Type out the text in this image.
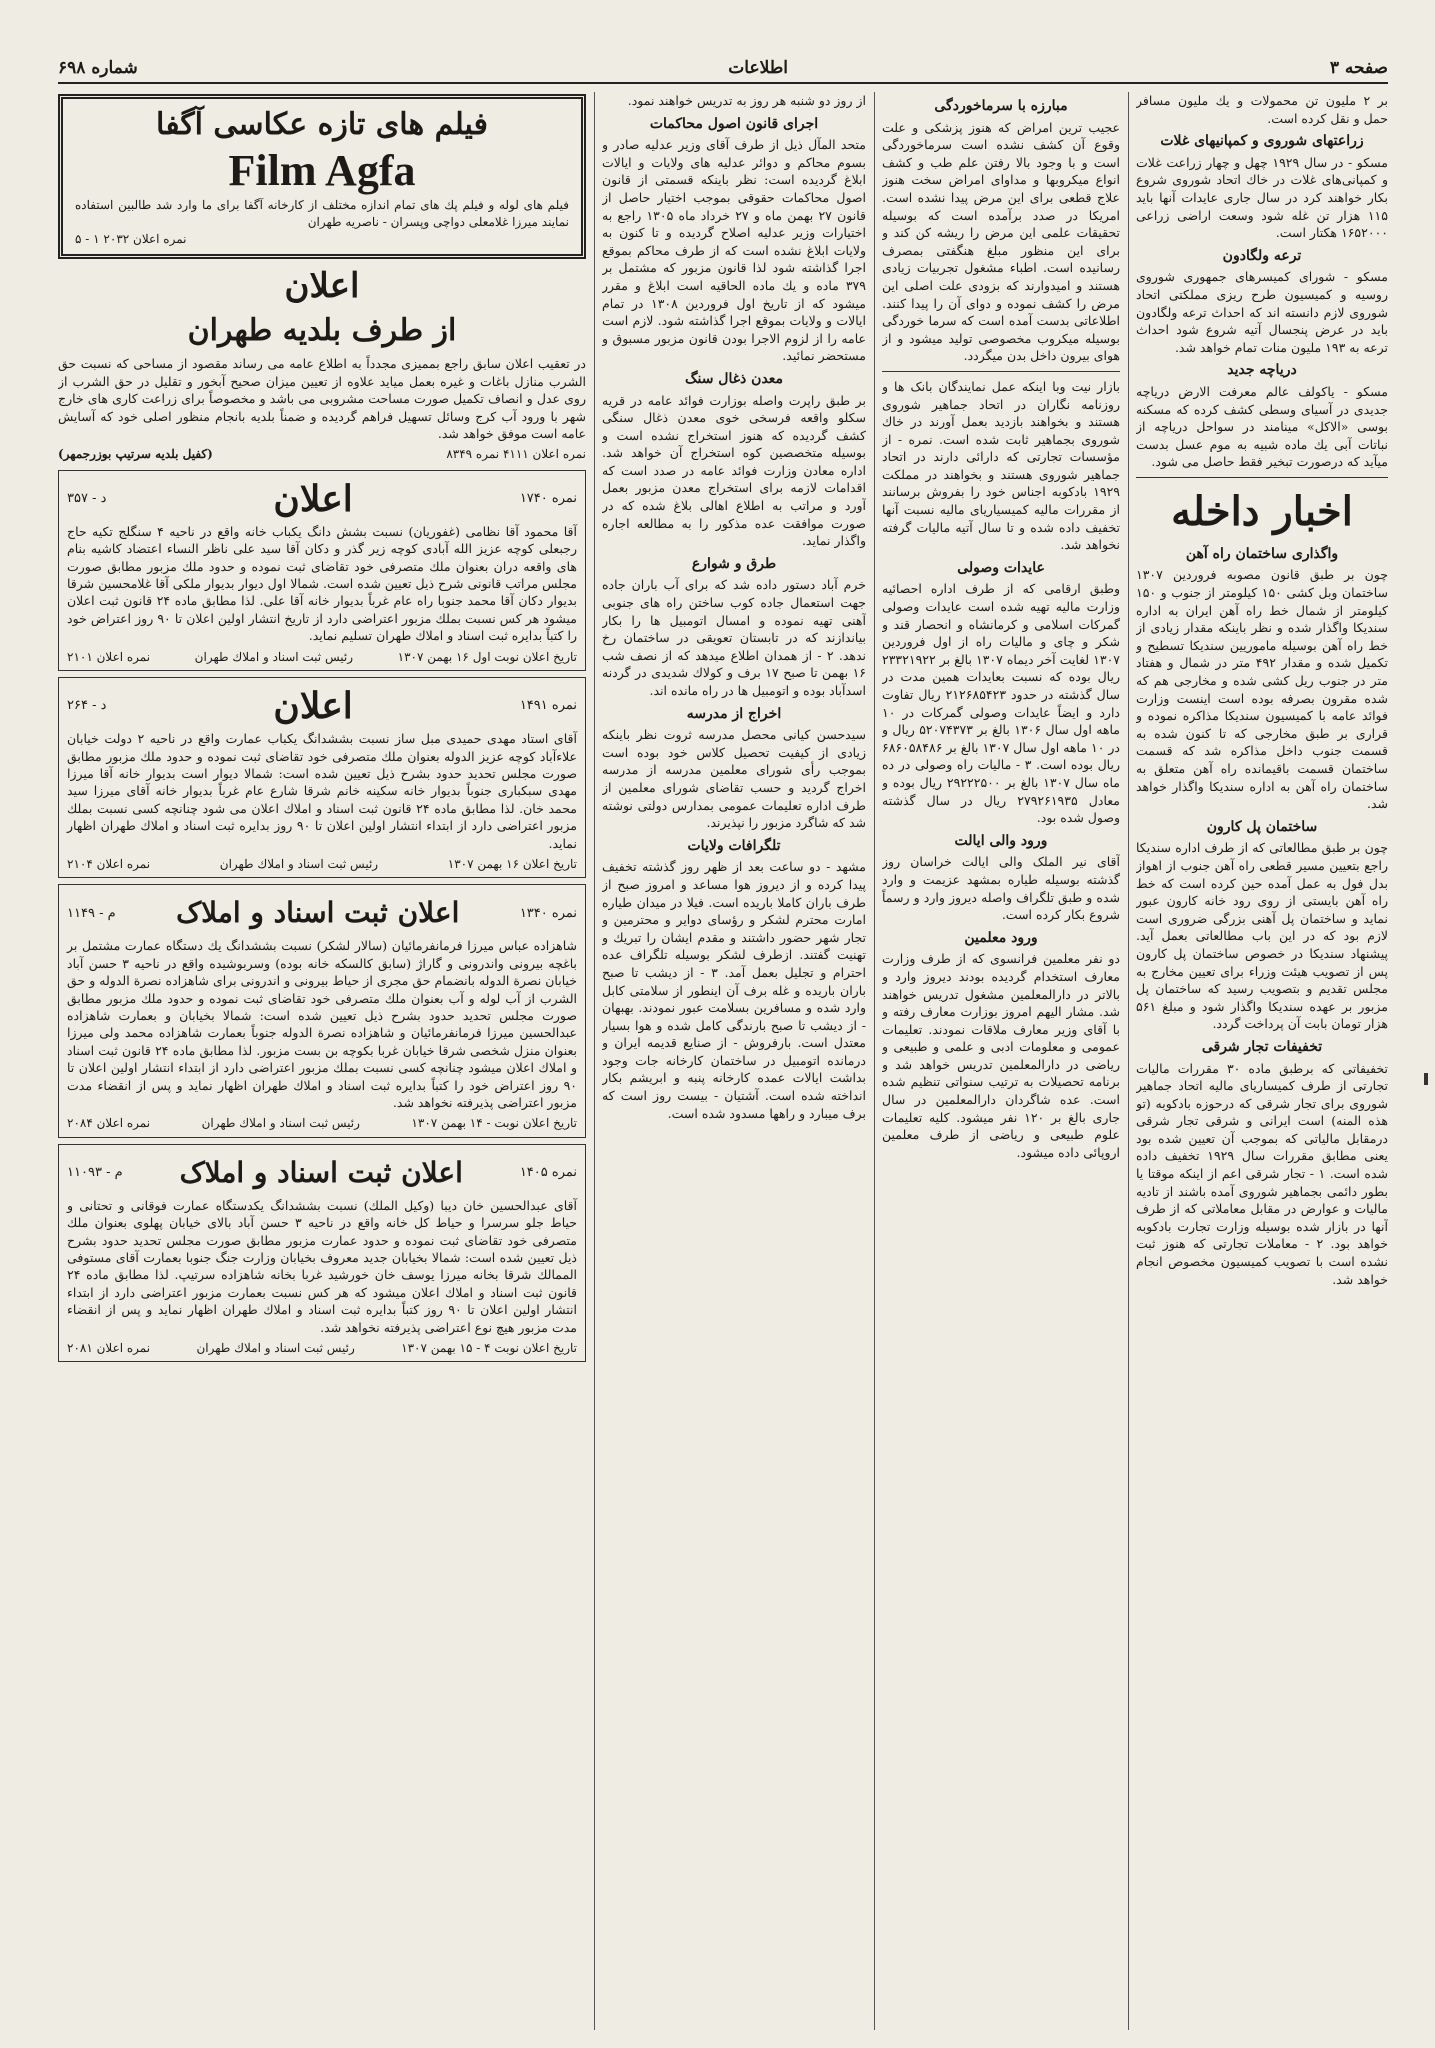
صفحه ۳
اطلاعات
شماره ۶۹۸

بر ۲ ملیون تن محمولات و یك ملیون مسافر حمل و نقل کرده است.

زراعتهای شوروی و کمپانیهای غلات

مسکو - در سال ۱۹۲۹ چهل و چهار زراعت غلات و کمپانی‌های غلات در خاك اتحاد شوروی شروع بکار خواهند کرد در سال جاری عایدات آنها باید ۱۱۵ هزار تن غله شود وسعت اراضی زراعی ۱۶۵۲۰۰۰ هکتار است.

ترعه ولگادون

مسکو - شورای کمیسرهای جمهوری شوروی روسیه و کمیسیون طرح ریزی مملکتی اتحاد شوروی لازم دانسته اند که احداث ترعه ولگادون باید در عرض پنجسال آتیه شروع شود احداث ترعه به ۱۹۳ ملیون منات تمام خواهد شد.

دریاچه جدید

مسکو - یاکولف عالم معرفت الارض دریاچه جدیدی در آسیای وسطی کشف کرده که مسکنه بوسی «الاکل» مینامند در سواحل دریاچه از نباتات آبی یك ماده شبیه به موم عسل بدست میآید که درصورت تبخیر فقط حاصل می شود.

اخبار داخله
واگذاری ساختمان راه آهن

چون بر طبق قانون مصوبه فروردین ۱۳۰۷ ساختمان وبل کشی ۱۵۰ کیلومتر از جنوب و ۱۵۰ کیلومتر از شمال خط راه آهن ایران به اداره سندیکا واگذار شده و نظر باینکه مقدار زیادی از خط راه آهن بوسیله ماموریین سندیکا تسطیح و تکمیل شده و مقدار ۴۹۲ متر در شمال و هفتاد متر در جنوب ریل کشی شده و مخارجی هم که شده مقرون بصرفه بوده است اینست وزارت فوائد عامه با کمیسیون سندیکا مذاکره نموده و قراری بر طبق مخارجی که تا کنون شده به قسمت جنوب داخل مذاکره شد که قسمت ساختمان قسمت باقیمانده راه آهن متعلق به ساختمان راه آهن به اداره سندیکا واگذار خواهد شد.

ساختمان پل کارون

چون بر طبق مطالعاتی که از طرف اداره سندیکا راجع بتعیین مسیر قطعی راه آهن جنوب از اهواز بدل فول به عمل آمده حین کرده است که خط راه آهن بایستی از روی رود خانه کارون عبور نماید و ساختمان پل آهنی بزرگی ضروری است لازم بود که در این باب مطالعاتی بعمل آید. پیشنهاد سندیکا در خصوص ساختمان پل کارون پس از تصویب هیئت وزراء برای تعیین مخارج به مجلس تقدیم و بتصویب رسید که ساختمان پل مزبور بر عهده سندیکا واگذار شود و مبلغ ۵۶۱ هزار تومان بابت آن پرداخت گردد.

تخفیفات تجار شرقی

تخفیفاتی که برطبق ماده ۳۰ مقررات مالیات تجارتی از طرف کمیساریای مالیه اتحاد جماهیر شوروی برای تجار شرقی که درحوزه بادکوبه (تو هذه المنه) است ایرانی و شرقی تجار شرقی درمقابل مالیاتی که بموجب آن تعیین شده بود یعنی مطابق مقررات سال ۱۹۲۹ تخفیف داده شده است. ۱ - تجار شرقی اعم از اینکه موقتا یا بطور دائمی بجماهیر شوروی آمده باشند از تادیه مالیات و عوارض در مقابل معاملاتی که از طرف آنها در بازار شده بوسیله وزارت تجارت بادکوبه خواهد بود. ۲ - معاملات تجارتی که هنوز ثبت نشده است با تصویب کمیسیون مخصوص انجام خواهد شد.

مبارزه با سرماخوردگی

عجیب ترین امراض که هنوز پزشکی و علت وقوع آن کشف نشده است سرماخوردگی است و با وجود بالا رفتن علم طب و کشف انواع میکروبها و مداوای امراض سخت هنوز علاج قطعی برای این مرض پیدا نشده است. امریکا در صدد برآمده است که بوسیله تحقیقات علمی این مرض را ریشه کن کند و برای این منظور مبلغ هنگفتی بمصرف رسانیده است. اطباء مشغول تجربیات زیادی هستند و امیدوارند که بزودی علت اصلی این مرض را کشف نموده و دوای آن را پیدا کنند. اطلاعاتی بدست آمده است که سرما خوردگی بوسیله میکروب مخصوصی تولید میشود و از هوای بیرون داخل بدن میگردد.

بازار نیت وبا اینکه عمل نمایندگان بانک ها و روزنامه نگاران در اتحاد جماهیر شوروی هستند و بخواهند بازدید بعمل آورند در خاك شوروی بجماهیر ثابت شده است. نمره - از مؤسسات تجارتی که دارائی دارند در اتحاد جماهیر شوروی هستند و بخواهند در مملکت ۱۹۲۹ بادکوبه اجناس خود را بفروش برسانند از مقررات مالیه کمیسیاریای مالیه نسبت آنها تخفیف داده شده و تا سال آتیه مالیات گرفته نخواهد شد.

عایدات وصولی

وطبق ارقامی که از طرف اداره احصائیه وزارت مالیه تهیه شده است عایدات وصولی گمرکات اسلامی و کرمانشاه و انحصار قند و شکر و چای و مالیات راه از اول فروردین ۱۳۰۷ لغایت آخر دیماه ۱۳۰۷ بالغ بر ۲۳۳۲۱۹۲۲ ریال بوده که نسبت بعایدات همین مدت در سال گذشته در حدود ۲۱۲۶۸۵۴۲۳ ریال تفاوت دارد و ایضاً عایدات وصولی گمرکات در ۱۰ ماهه اول سال ۱۳۰۶ بالغ بر ۵۲۰۷۴۳۷۳ ریال و در ۱۰ ماهه اول سال ۱۳۰۷ بالغ بر ۶۸۶۰۵۸۴۸۶ ریال بوده است. ۳ - مالیات راه وصولی در ده ماه سال ۱۳۰۷ بالغ بر ۲۹۲۲۲۵۰۰ ریال بوده و معادل ۲۷۹۲۶۱۹۳۵ ریال در سال گذشته وصول شده بود.

ورود والی ایالت

آقای نیر الملک والی ایالت خراسان روز گذشته بوسیله طیاره بمشهد عزیمت و وارد شده و طبق تلگراف واصله دیروز وارد و رسماً شروع بکار کرده است.

ورود معلمین

دو نفر معلمین فرانسوی که از طرف وزارت معارف استخدام گردیده بودند دیروز وارد و بالاتر در دارالمعلمین مشغول تدریس خواهند شد. مشار الیهم امروز بوزارت معارف رفته و با آقای وزیر معارف ملاقات نمودند. تعلیمات عمومی و معلومات ادبی و علمی و طبیعی و ریاضی در دارالمعلمین تدریس خواهد شد و برنامه تحصیلات به ترتیب سنواتی تنظیم شده است. عده شاگردان دارالمعلمین در سال جاری بالغ بر ۱۲۰ نفر میشود. کلیه تعلیمات علوم طبیعی و ریاضی از طرف معلمین اروپائی داده میشود.

از روز دو شنبه هر روز به تدریس خواهند نمود.

اجرای قانون اصول محاکمات

متحد المآل ذیل از طرف آقای وزیر عدلیه صادر و بسوم محاکم و دوائر عدلیه های ولایات و ایالات ابلاغ گردیده است: نظر باینکه قسمتی از قانون اصول محاکمات حقوقی بموجب اختیار حاصل از قانون ۲۷ بهمن ماه و ۲۷ خرداد ماه ۱۳۰۵ راجع به اختیارات وزیر عدلیه اصلاح گردیده و تا کنون به ولایات ابلاغ نشده است که از طرف محاکم بموقع اجرا گذاشته شود لذا قانون مزبور که مشتمل بر ۳۷۹ ماده و یك ماده الحاقیه است ابلاغ و مقرر میشود که از تاریخ اول فروردین ۱۳۰۸ در تمام ایالات و ولایات بموقع اجرا گذاشته شود. لازم است عامه را از لزوم الاجرا بودن قانون مزبور مسبوق و مستحضر نمائید.

معدن ذغال سنگ

بر طبق راپرت واصله بوزارت فوائد عامه در قریه سکلو واقعه فرسخی خوی معدن ذغال سنگی کشف گردیده که هنوز استخراج نشده است و بوسیله متخصصین کوه استخراج آن خواهد شد. اداره معادن وزارت فوائد عامه در صدد است که اقدامات لازمه برای استخراج معدن مزبور بعمل آورد و مراتب به اطلاع اهالی بلاغ شده که در صورت موافقت عده مذکور را به مطالعه اجاره واگذار نماید.

طرق و شوارع

خرم آباد دستور داده شد که برای آب باران جاده جهت استعمال جاده کوب ساختن راه های جنوبی آهنی تهیه نموده و امسال اتومبیل ها را بکار بیاندازند که در تابستان تعویقی در ساختمان رخ ندهد. ۲ - از همدان اطلاع میدهد که از نصف شب ۱۶ بهمن تا صبح ۱۷ برف و کولاك شدیدی در گردنه اسدآباد بوده و اتومبیل ها در راه مانده اند.

اخراج از مدرسه

سیدحسن کیانی محصل مدرسه ثروت نظر باینکه زیادی از کیفیت تحصیل کلاس خود بوده است بموجب رأی شورای معلمین مدرسه از مدرسه اخراج گردید و حسب تقاضای شورای معلمین از طرف اداره تعلیمات عمومی بمدارس دولتی نوشته شد که شاگرد مزبور را نپذیرند.

تلگرافات ولایات

مشهد - دو ساعت بعد از ظهر روز گذشته تخفیف پیدا کرده و از دیروز هوا مساعد و امروز صبح از طرف باران کاملا باریده است. فیلا در میدان طیاره امارت محترم لشکر و رؤسای دوایر و محترمین و تجار شهر حضور داشتند و مقدم ایشان را تبریك و تهنیت گفتند. ازطرف لشکر بوسیله تلگراف عده احترام و تجلیل بعمل آمد. ۳ - از دیشب تا صبح باران باریده و غله برف آن اینطور از سلامتی کابل وارد شده و مسافرین بسلامت عبور نمودند. بهبهان - از دیشب تا صبح بارندگی کامل شده و هوا بسیار معتدل است. بارفروش - از صنایع قدیمه ایران و درمانده اتومبیل در ساختمان کارخانه جات وجود بداشت ایالات عمده کارخانه پنبه و ابریشم بکار انداخته شده است. آشتیان - بیست روز است که برف میبارد و راهها مسدود شده است.

فیلم های تازه عکاسی آگفا
Film Agfa
فیلم های لوله و فیلم پك های تمام اندازه مختلف از کارخانه آگفا برای ما وارد شد طالبین استفاده نمایند میرزا غلامعلی دواچی وپسران - ناصریه طهران
نمره اعلان ۲۰۳۲ ۱ - ۵
اعلان
از طرف بلدیه طهران

در تعقیب اعلان سابق راجع بممیزی مجدداً به اطلاع عامه می رساند مقصود از مساحی که نسبت حق الشرب منازل باغات و غیره بعمل میاید علاوه از تعیین میزان صحیح آبخور و تقلیل در حق الشرب از روی عدل و انصاف تکمیل صورت مساحت مشروبی می باشد و مخصوصاً برای زراعت کاری های خارج شهر با ورود آب کرج وسائل تسهیل فراهم گردیده و ضمناً بلدیه بانجام منظور اصلی خود که آسایش عامه است موفق خواهد شد.

نمره اعلان ۴۱۱۱ نمره ۸۳۴۹
(کفیل بلدیه سرتیپ بوزرجمهر)
نمره ۱۷۴۰
اعلان
د - ۳۵۷

آقا محمود آقا نظامی (غفوریان) نسبت بشش دانگ یکباب خانه واقع در ناحیه ۴ سنگلج تکیه حاج رجبعلی کوچه عزیز الله آبادی کوچه زیر گذر و دکان آقا سید علی ناظر النساء اعتضاد کاشیه بنام های واقعه دران بعنوان ملك متصرفی خود تقاضای ثبت نموده و حدود ملك مزبور مطابق صورت مجلس مراتب قانونی شرح ذیل تعیین شده است. شمالا اول دیوار بدیوار ملکی آقا غلامحسین شرقا بدیوار دکان آقا محمد جنوبا راه عام غرباً بدیوار خانه آقا علی. لذا مطابق ماده ۲۴ قانون ثبت اعلان میشود هر کس نسبت بملك مزبور اعتراضی دارد از تاریخ انتشار اولین اعلان تا ۹۰ روز اعتراض خود را کتباً بدایره ثبت اسناد و املاك طهران تسلیم نماید.

تاریخ اعلان نوبت اول ۱۶ بهمن ۱۳۰۷
رئیس ثبت اسناد و املاك طهران
نمره اعلان ۲۱۰۱
نمره ۱۴۹۱
اعلان
د - ۲۶۴

آقای استاد مهدی حمیدی مبل ساز نسبت بششدانگ یکباب عمارت واقع در ناحیه ۲ دولت خیابان علاءآباد کوچه عزیز الدوله بعنوان ملك متصرفی خود تقاضای ثبت نموده و حدود ملك مزبور مطابق صورت مجلس تحدید حدود بشرح ذیل تعیین شده است: شمالا دیوار است بدیوار خانه آقا میرزا مهدی سبکباری جنوباً بدیوار خانه سکینه خانم شرقا شارع عام غرباً بدیوار خانه آقای میرزا سید محمد خان. لذا مطابق ماده ۲۴ قانون ثبت اسناد و املاك اعلان می شود چنانچه کسی نسبت بملك مزبور اعتراضی دارد از ابتداء انتشار اولین اعلان تا ۹۰ روز بدایره ثبت اسناد و املاك طهران اظهار نماید.

تاریخ اعلان ۱۶ بهمن ۱۳۰۷
رئیس ثبت اسناد و املاك طهران
نمره اعلان ۲۱۰۴
نمره ۱۳۴۰
اعلان ثبت اسناد و املاک
م - ۱۱۴۹

شاهزاده عباس میرزا فرمانفرمائیان (سالار لشکر) نسبت بششدانگ یك دستگاه عمارت مشتمل بر باغچه بیرونی واندرونی و گاراژ (سابق کالسکه خانه بوده) وسربوشیده واقع در ناحیه ۳ حسن آباد خیابان نصرة الدوله بانضمام حق مجری از حیاط بیرونی و اندرونی برای شاهزاده نصرة الدوله و حق الشرب از آب لوله و آب بعنوان ملك متصرفی خود تقاضای ثبت نموده و حدود ملك مزبور مطابق صورت مجلس تحدید حدود بشرح ذیل تعیین شده است: شمالا بخیابان و بعمارت شاهزاده عبدالحسین میرزا فرمانفرمائیان و شاهزاده نصرة الدوله جنوباً بعمارت شاهزاده محمد ولی میرزا بعنوان منزل شخصی شرقا خیابان غربا بکوچه بن بست مزبور. لذا مطابق ماده ۲۴ قانون ثبت اسناد و املاك اعلان میشود چنانچه کسی نسبت بملك مزبور اعتراضی دارد از ابتداء انتشار اولین اعلان تا ۹۰ روز اعتراض خود را کتباً بدایره ثبت اسناد و املاك طهران اظهار نماید و پس از انقضاء مدت مزبور اعتراضی پذیرفته نخواهد شد.

تاریخ اعلان نوبت - ۱۴ بهمن ۱۳۰۷
رئیس ثبت اسناد و املاك طهران
نمره اعلان ۲۰۸۴
نمره ۱۴۰۵
اعلان ثبت اسناد و املاک
م - ۱۱۰۹۳

آقای عبدالحسین خان دیبا (وکیل الملك) نسبت بششدانگ یکدستگاه عمارت فوقانی و تحتانی و حیاط جلو سرسرا و حیاط کل خانه واقع در ناحیه ۳ حسن آباد بالای خیابان پهلوی بعنوان ملك متصرفی خود تقاضای ثبت نموده و حدود عمارت مزبور مطابق صورت مجلس تحدید حدود بشرح ذیل تعیین شده است: شمالا بخیابان جدید معروف بخیابان وزارت جنگ جنوبا بعمارت آقای مستوفی الممالك شرقا بخانه میرزا یوسف خان خورشید غربا بخانه شاهزاده سرتیپ. لذا مطابق ماده ۲۴ قانون ثبت اسناد و املاك اعلان میشود که هر کس نسبت بعمارت مزبور اعتراضی دارد از ابتداء انتشار اولین اعلان تا ۹۰ روز کتباً بدایره ثبت اسناد و املاك طهران اظهار نماید و پس از انقضاء مدت مزبور هیچ نوع اعتراضی پذیرفته نخواهد شد.

تاریخ اعلان نوبت ۴ - ۱۵ بهمن ۱۳۰۷
رئیس ثبت اسناد و املاك طهران
نمره اعلان ۲۰۸۱
